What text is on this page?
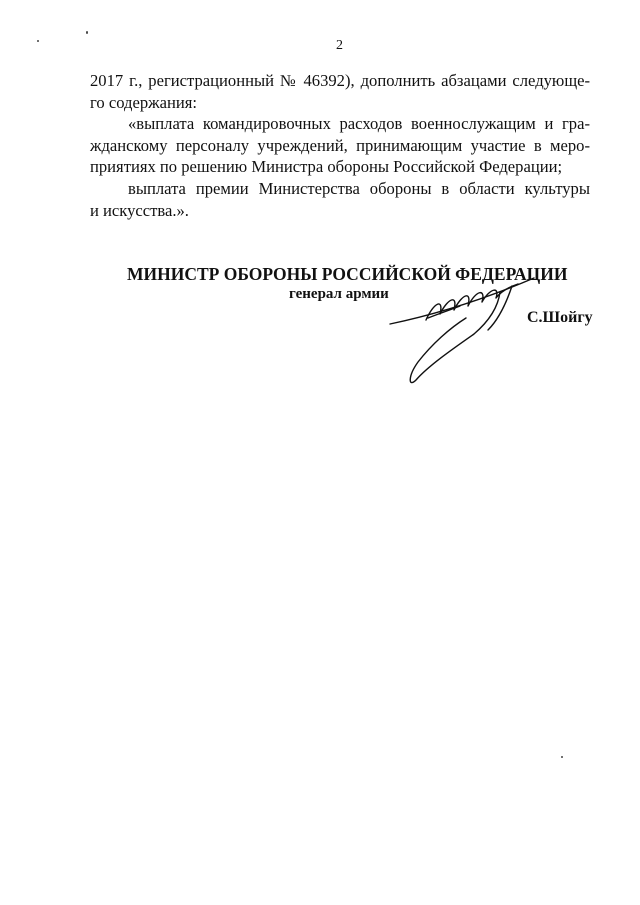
2
2017 г., регистрационный № 46392), дополнить абзацами следующе-
го содержания:
«выплата командировочных расходов военнослужащим и гра-
жданскому персоналу учреждений, принимающим участие в меро-
приятиях по решению Министра обороны Российской Федерации;
выплата премии Министерства обороны в области культуры
и искусства.».
МИНИСТР ОБОРОНЫ РОССИЙСКОЙ ФЕДЕРАЦИИ
генерал армии
С.Шойгу
